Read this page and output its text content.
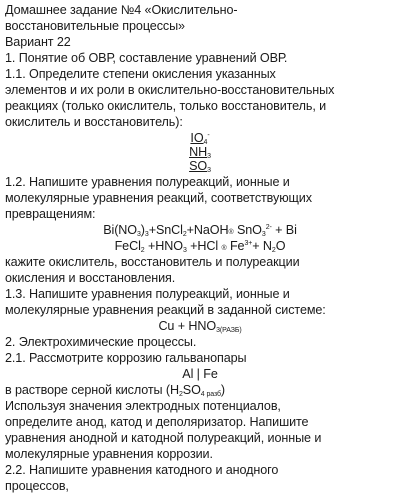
Домашнее задание №4 «Окислительно-
восстановительные процессы»
Вариант 22
1. Понятие об ОВР, составление уравнений ОВР.
1.1. Определите степени окисления указанных
элементов и их роли в окислительно-восстановительных
реакциях (только окислитель, только восстановитель, и
окислитель и восстановитель):
$IO_4^-$
$NH_3$
$SO_3$
1.2. Напишите уравнения полуреакций, ионные и
молекулярные уравнения реакций, соответствующих
превращениям:
$Bi(NO_3)_3+SnCl_2+NaOH®$ SnO$_3^{2-}$ + Bi
FeCl$_2$ $+HNO_3 +HCl$ ® $Fe^{3+}+ N_2O$
кажите окислитель, восстановитель и полуреакции
окисления и восстановления.
1.3. Напишите уравнения полуреакций, ионные и
молекулярные уравнения реакций в заданной системе:
$Cu + HNO_{3(РАЗБ)}$
2. Электрохимические процессы.
2.1. Рассмотрите коррозию гальванопары
Al | Fe
в растворе серной кислоты ($H_2SO_4$ $_{разб}$)
Используя значения электродных потенциалов,
определите анод, катод и деполяризатор. Напишите
уравнения анодной и катодной полуреакций, ионные и
молекулярные уравнения коррозии.
2.2. Напишите уравнения катодного и анодного
процессов,
